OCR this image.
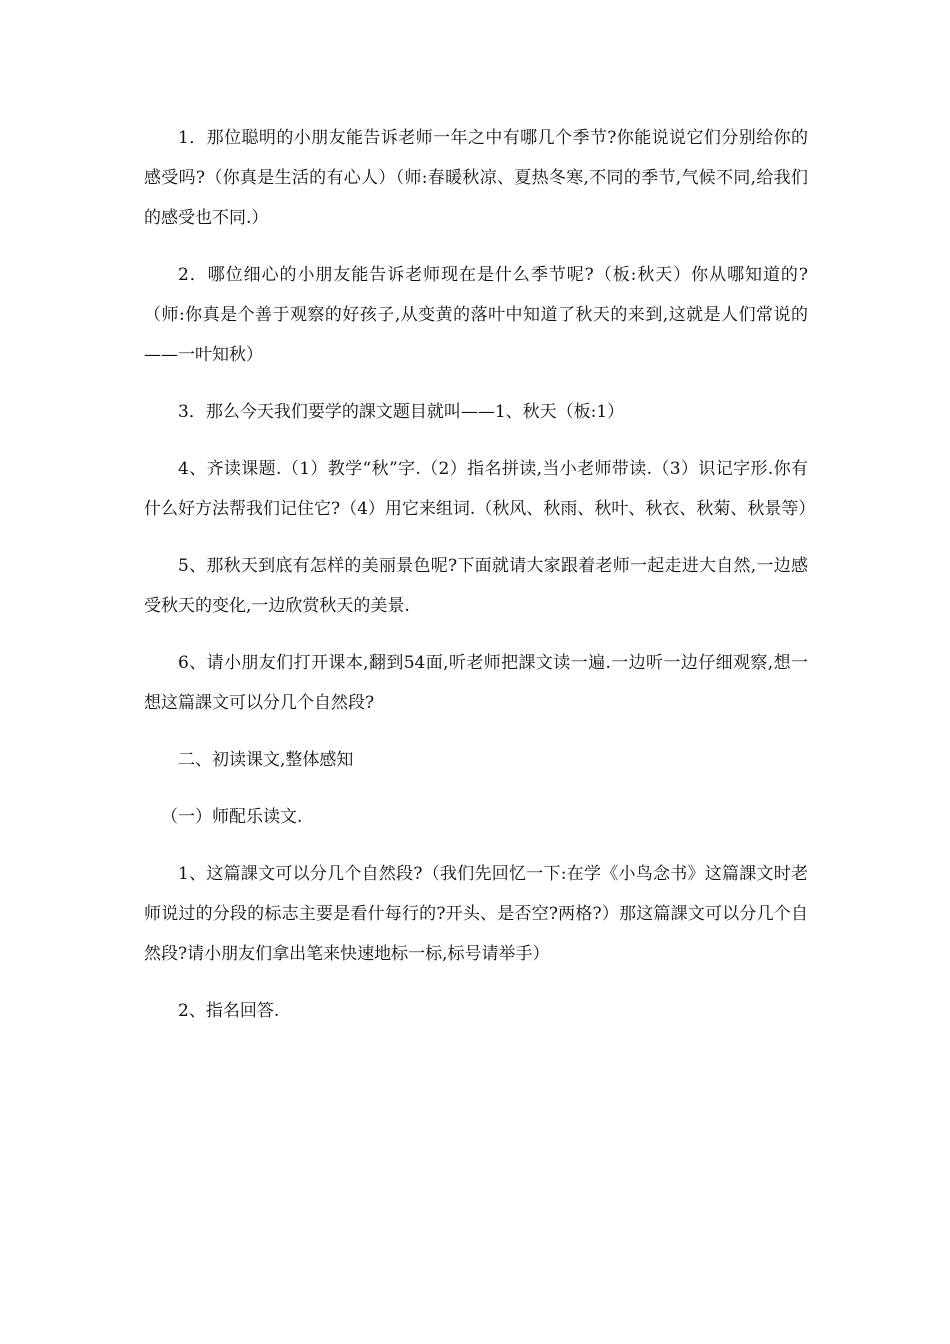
1．那位聪明的小朋友能告诉老师一年之中有哪几个季节?你能说说它们分别给你的感受吗?（你真是生活的有心人）（师:春暖秋凉、夏热冬寒,不同的季节,气候不同,给我们的感受也不同.）

2．哪位细心的小朋友能告诉老师现在是什么季节呢?（板:秋天）你从哪知道的?（师:你真是个善于观察的好孩子,从变黄的落叶中知道了秋天的来到,这就是人们常说的——一叶知秋）

3．那么今天我们要学的課文题目就叫——1、秋天（板:1）

4、齐读课题.（1）教学“秋”字.（2）指名拼读,当小老师带读.（3）识记字形.你有什么好方法帮我们记住它?（4）用它来组词.（秋风、秋雨、秋叶、秋衣、秋菊、秋景等）

5、那秋天到底有怎样的美丽景色呢?下面就请大家跟着老师一起走进大自然,一边感受秋天的变化,一边欣赏秋天的美景.

6、请小朋友们打开课本,翻到54面,听老师把課文读一遍.一边听一边仔细观察,想一想这篇課文可以分几个自然段?

二、初读课文,整体感知

（一）师配乐读文.

1、这篇課文可以分几个自然段?（我们先回忆一下:在学《小鸟念书》这篇課文时老师说过的分段的标志主要是看什每行的?开头、是否空?两格?）那这篇課文可以分几个自然段?请小朋友们拿出笔来快速地标一标,标号请举手）

2、指名回答.
